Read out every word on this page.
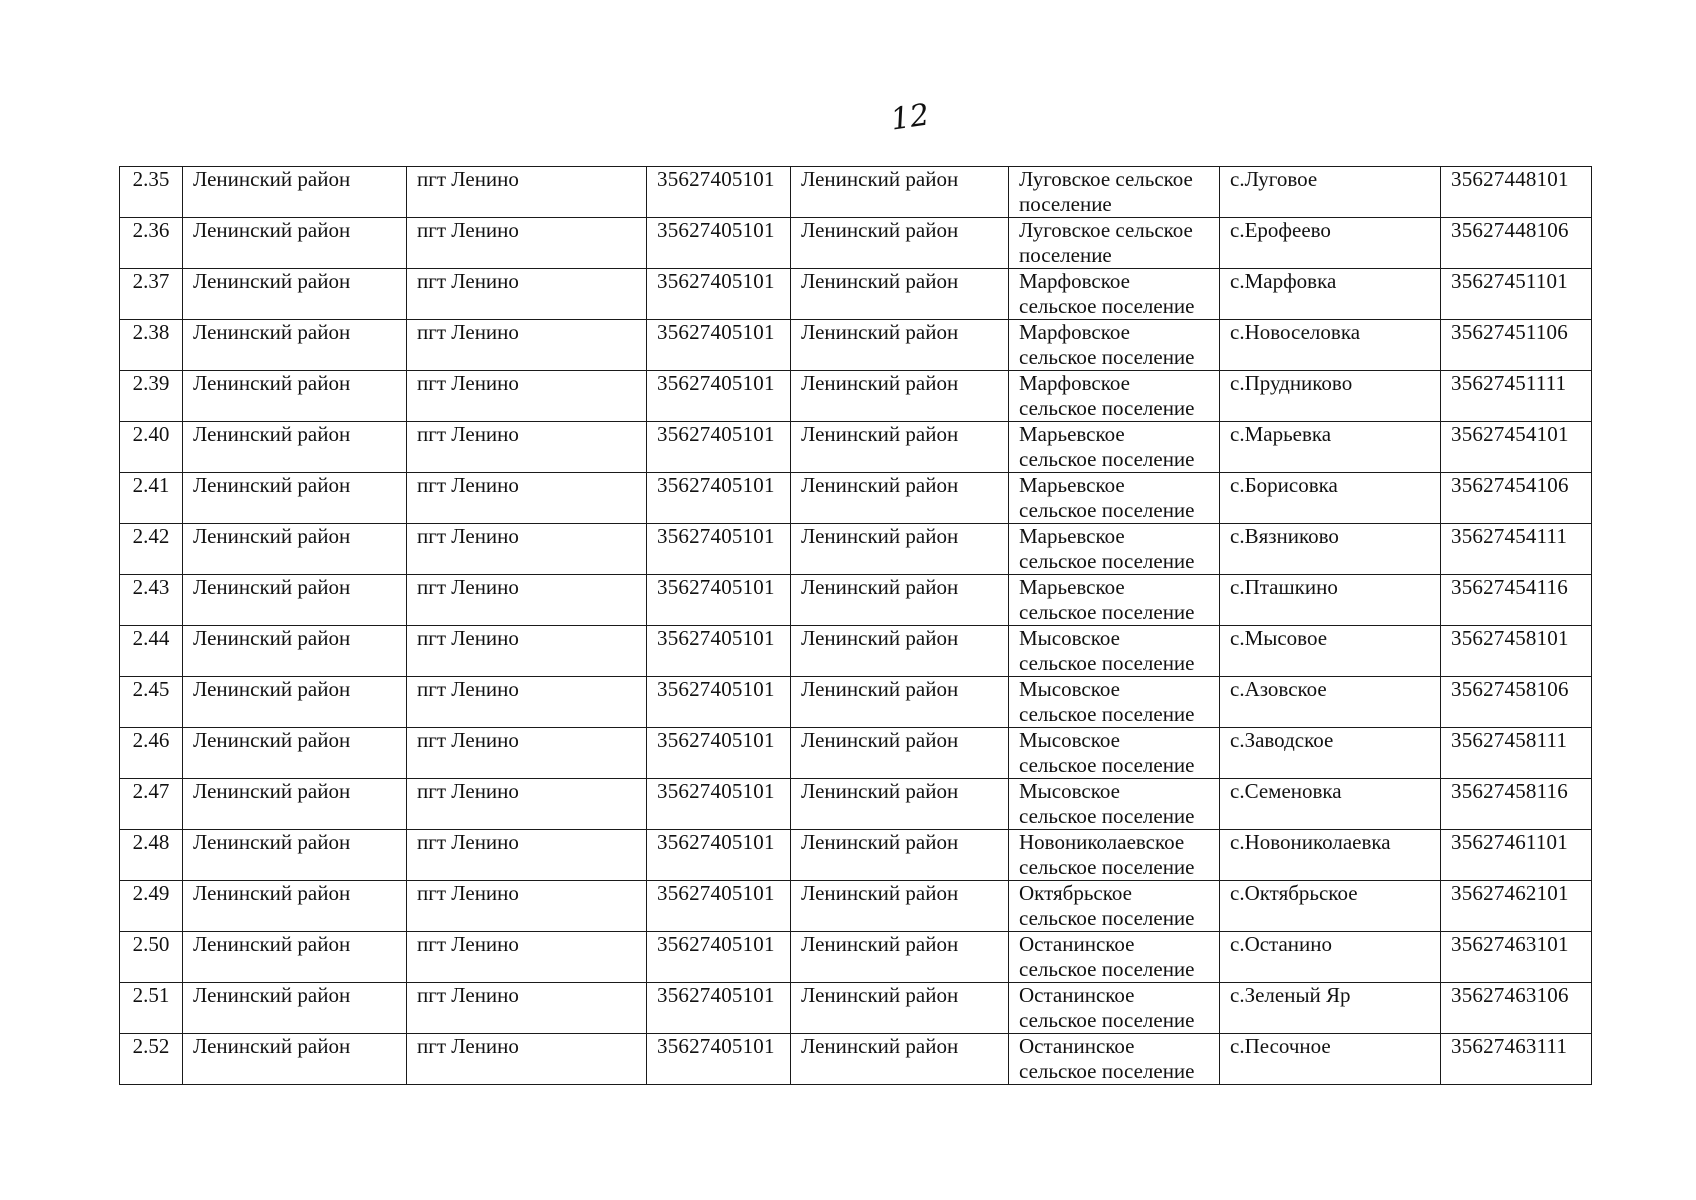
12
2.35	Ленинский район	пгт Ленино	35627405101	Ленинский район	Луговское сельское
поселение	с.Луговое	35627448101
2.36	Ленинский район	пгт Ленино	35627405101	Ленинский район	Луговское сельское
поселение	с.Ерофеево	35627448106
2.37	Ленинский район	пгт Ленино	35627405101	Ленинский район	Марфовское
сельское поселение	с.Марфовка	35627451101
2.38	Ленинский район	пгт Ленино	35627405101	Ленинский район	Марфовское
сельское поселение	с.Новоселовка	35627451106
2.39	Ленинский район	пгт Ленино	35627405101	Ленинский район	Марфовское
сельское поселение	с.Прудниково	35627451111
2.40	Ленинский район	пгт Ленино	35627405101	Ленинский район	Марьевское
сельское поселение	с.Марьевка	35627454101
2.41	Ленинский район	пгт Ленино	35627405101	Ленинский район	Марьевское
сельское поселение	с.Борисовка	35627454106
2.42	Ленинский район	пгт Ленино	35627405101	Ленинский район	Марьевское
сельское поселение	с.Вязниково	35627454111
2.43	Ленинский район	пгт Ленино	35627405101	Ленинский район	Марьевское
сельское поселение	с.Пташкино	35627454116
2.44	Ленинский район	пгт Ленино	35627405101	Ленинский район	Мысовское
сельское поселение	с.Мысовое	35627458101
2.45	Ленинский район	пгт Ленино	35627405101	Ленинский район	Мысовское
сельское поселение	с.Азовское	35627458106
2.46	Ленинский район	пгт Ленино	35627405101	Ленинский район	Мысовское
сельское поселение	с.Заводское	35627458111
2.47	Ленинский район	пгт Ленино	35627405101	Ленинский район	Мысовское
сельское поселение	с.Семеновка	35627458116
2.48	Ленинский район	пгт Ленино	35627405101	Ленинский район	Новониколаевское
сельское поселение	с.Новониколаевка	35627461101
2.49	Ленинский район	пгт Ленино	35627405101	Ленинский район	Октябрьское
сельское поселение	с.Октябрьское	35627462101
2.50	Ленинский район	пгт Ленино	35627405101	Ленинский район	Останинское
сельское поселение	с.Останино	35627463101
2.51	Ленинский район	пгт Ленино	35627405101	Ленинский район	Останинское
сельское поселение	с.Зеленый Яр	35627463106
2.52	Ленинский район	пгт Ленино	35627405101	Ленинский район	Останинское
сельское поселение	с.Песочное	35627463111
